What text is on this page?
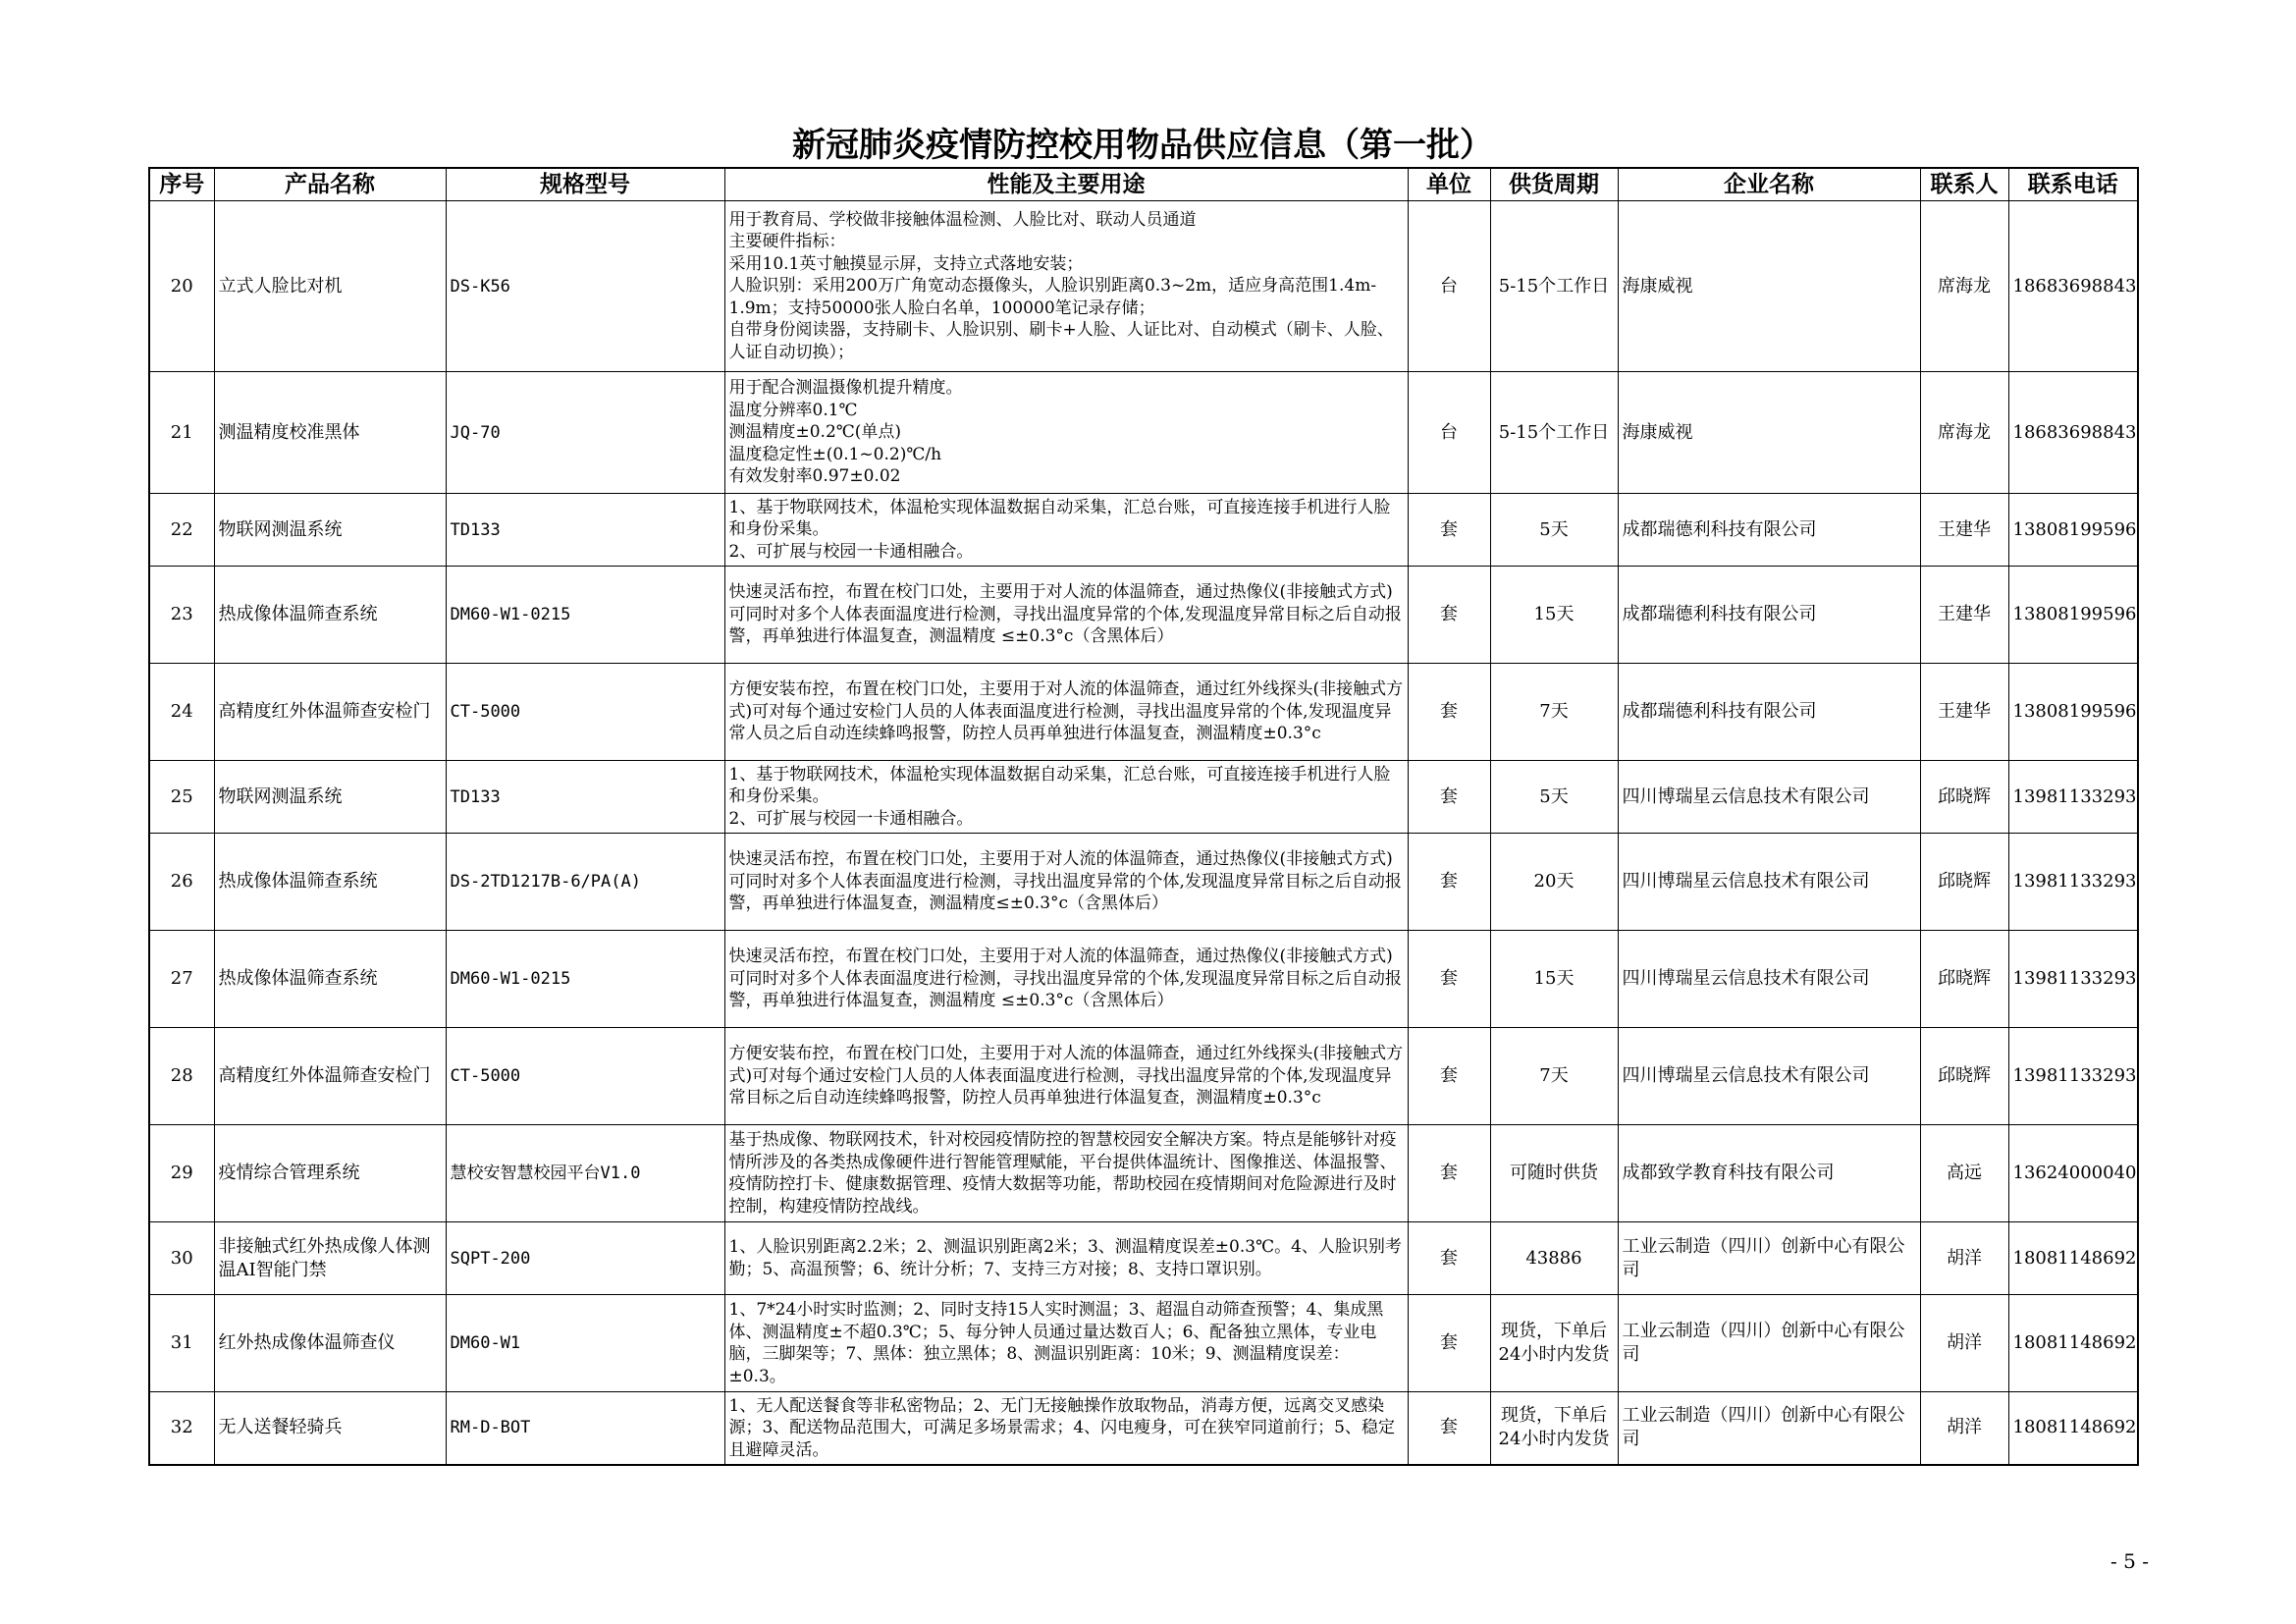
新冠肺炎疫情防控校用物品供应信息（第一批）
序号	产品名称	规格型号	性能及主要用途	单位	供货周期	企业名称	联系人	联系电话
20	立式人脸比对机	DS-K56	用于教育局、学校做非接触体温检测、人脸比对、联动人员通道
主要硬件指标：
采用10.1英寸触摸显示屏，支持立式落地安装；
人脸识别：采用200万广角宽动态摄像头，人脸识别距离0.3~2m，适应身高范围1.4m-1.9m；支持50000张人脸白名单，100000笔记录存储；
自带身份阅读器，支持刷卡、人脸识别、刷卡+人脸、人证比对、自动模式（刷卡、人脸、人证自动切换）；	台	5-15个工作日	海康威视	席海龙	18683698843
21	测温精度校准黑体	JQ-70	用于配合测温摄像机提升精度。
温度分辨率0.1℃
测温精度±0.2℃(单点)
温度稳定性±(0.1~0.2)℃/h
有效发射率0.97±0.02	台	5-15个工作日	海康威视	席海龙	18683698843
22	物联网测温系统	TD133	1、基于物联网技术，体温枪实现体温数据自动采集，汇总台账，可直接连接手机进行人脸和身份采集。
2、可扩展与校园一卡通相融合。	套	5天	成都瑞德利科技有限公司	王建华	13808199596
23	热成像体温筛查系统	DM60-W1-0215	快速灵活布控，布置在校门口处，主要用于对人流的体温筛查，通过热像仪(非接触式方式)可同时对多个人体表面温度进行检测，寻找出温度异常的个体,发现温度异常目标之后自动报警，再单独进行体温复查，测温精度 ≤±0.3°c（含黑体后）	套	15天	成都瑞德利科技有限公司	王建华	13808199596
24	高精度红外体温筛查安检门	CT-5000	方便安装布控，布置在校门口处，主要用于对人流的体温筛查，通过红外线探头(非接触式方式)可对每个通过安检门人员的人体表面温度进行检测，寻找出温度异常的个体,发现温度异常人员之后自动连续蜂鸣报警，防控人员再单独进行体温复查，测温精度±0.3°c	套	7天	成都瑞德利科技有限公司	王建华	13808199596
25	物联网测温系统	TD133	1、基于物联网技术，体温枪实现体温数据自动采集，汇总台账，可直接连接手机进行人脸和身份采集。
2、可扩展与校园一卡通相融合。	套	5天	四川博瑞星云信息技术有限公司	邱晓辉	13981133293
26	热成像体温筛查系统	DS-2TD1217B-6/PA(A)	快速灵活布控，布置在校门口处，主要用于对人流的体温筛查，通过热像仪(非接触式方式)可同时对多个人体表面温度进行检测，寻找出温度异常的个体,发现温度异常目标之后自动报警，再单独进行体温复查，测温精度≤±0.3°c（含黑体后）	套	20天	四川博瑞星云信息技术有限公司	邱晓辉	13981133293
27	热成像体温筛查系统	DM60-W1-0215	快速灵活布控，布置在校门口处，主要用于对人流的体温筛查，通过热像仪(非接触式方式)可同时对多个人体表面温度进行检测，寻找出温度异常的个体,发现温度异常目标之后自动报警，再单独进行体温复查，测温精度 ≤±0.3°c（含黑体后）	套	15天	四川博瑞星云信息技术有限公司	邱晓辉	13981133293
28	高精度红外体温筛查安检门	CT-5000	方便安装布控，布置在校门口处，主要用于对人流的体温筛查，通过红外线探头(非接触式方式)可对每个通过安检门人员的人体表面温度进行检测，寻找出温度异常的个体,发现温度异常目标之后自动连续蜂鸣报警，防控人员再单独进行体温复查，测温精度±0.3°c	套	7天	四川博瑞星云信息技术有限公司	邱晓辉	13981133293
29	疫情综合管理系统	慧校安智慧校园平台V1.0	基于热成像、物联网技术，针对校园疫情防控的智慧校园安全解决方案。特点是能够针对疫情所涉及的各类热成像硬件进行智能管理赋能，平台提供体温统计、图像推送、体温报警、疫情防控打卡、健康数据管理、疫情大数据等功能，帮助校园在疫情期间对危险源进行及时控制，构建疫情防控战线。	套	可随时供货	成都致学教育科技有限公司	高远	13624000040
30	非接触式红外热成像人体测温AI智能门禁	SQPT-200	1、人脸识别距离2.2米；2、测温识别距离2米；3、测温精度误差±0.3℃。4、人脸识别考勤；5、高温预警；6、统计分析；7、支持三方对接；8、支持口罩识别。	套	43886	工业云制造（四川）创新中心有限公司	胡洋	18081148692
31	红外热成像体温筛查仪	DM60-W1	1、7*24小时实时监测；2、同时支持15人实时测温；3、超温自动筛查预警；4、集成黑体、测温精度±不超0.3℃；5、每分钟人员通过量达数百人；6、配备独立黑体，专业电脑，三脚架等；7、黑体：独立黑体；8、测温识别距离：10米；9、测温精度误差：±0.3。	套	现货，下单后24小时内发货	工业云制造（四川）创新中心有限公司	胡洋	18081148692
32	无人送餐轻骑兵	RM-D-BOT	1、无人配送餐食等非私密物品；2、无门无接触操作放取物品，消毒方便，远离交叉感染源；3、配送物品范围大，可满足多场景需求；4、闪电瘦身，可在狭窄同道前行；5、稳定且避障灵活。	套	现货，下单后24小时内发货	工业云制造（四川）创新中心有限公司	胡洋	18081148692
- 5 -
